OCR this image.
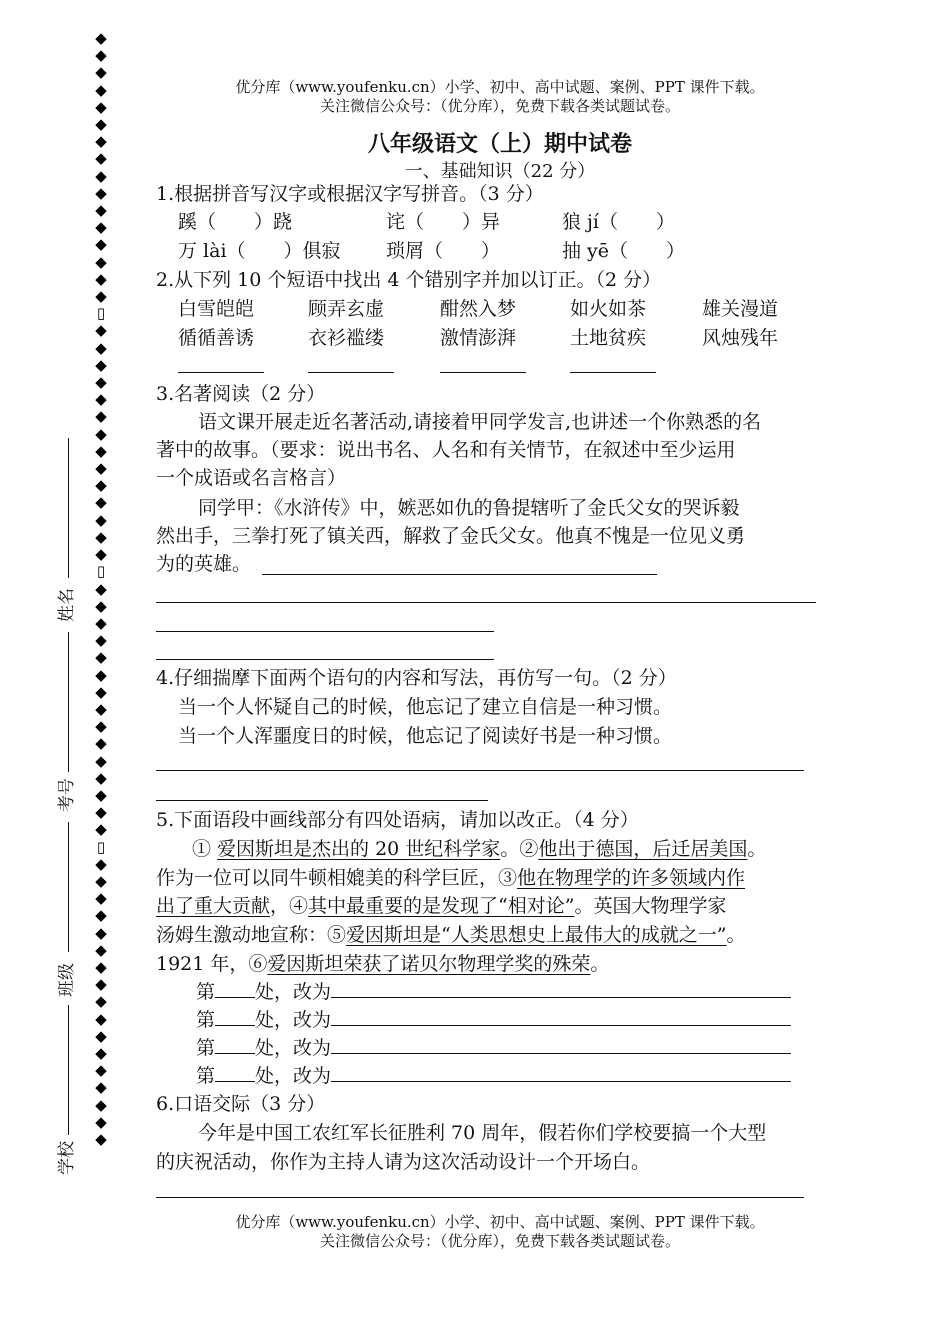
优分库（www.youfenku.cn）小学、初中、高中试题、案例、PPT 课件下载。
关注微信公众号：（优分库），免费下载各类试题试卷。
八年级语文（上）期中试卷
一、基础知识（22 分）
◆
◆
◆
◆
◆
◆
◆
◆
◆
◆
◆
◆
◆
◆
◆
◆
▯
◆
◆
◆
◆
◆
◆
◆
◆
◆
◆
◆
◆
◆
◆
▯
◆
◆
◆
◆
◆
◆
◆
◆
◆
◆
◆
◆
◆
◆
◆
▯
◆
◆
◆
◆
◆
◆
◆
◆
◆
◆
◆
◆
◆
◆
◆
◆
◆
姓名
考号
班级
学校
1.根据拼音写汉字或根据汉字写拼音。（3 分）
蹊（　　）跷	诧（　　）异	狼 jí（　　）
万 lài（　　）俱寂 琐屑（　　）	抽 yē（　　）
2.从下列 10 个短语中找出 4 个错别字并加以订正。（2 分）
白雪皑皑	顾弄玄虚	酣然入梦	如火如茶	雄关漫道
循循善诱	衣衫褴缕	激情澎湃	土地贫疾	风烛残年
3.名著阅读（2 分）
语文课开展走近名著活动,请接着甲同学发言,也讲述一个你熟悉的名
著中的故事。（要求：说出书名、人名和有关情节，在叙述中至少运用
一个成语或名言格言）
同学甲：《水浒传》中，嫉恶如仇的鲁提辖听了金氏父女的哭诉毅
然出手，三拳打死了镇关西，解救了金氏父女。他真不愧是一位见义勇
为的英雄。
4.仔细揣摩下面两个语句的内容和写法，再仿写一句。（2 分）
当一个人怀疑自己的时候，他忘记了建立自信是一种习惯。
当一个人浑噩度日的时候，他忘记了阅读好书是一种习惯。
5.下面语段中画线部分有四处语病，请加以改正。（4 分）
① 爱因斯坦是杰出的 20 世纪科学家。②他出于德国，后迁居美国。
作为一位可以同牛顿相媲美的科学巨匠，③他在物理学的许多领域内作
出了重大贡献，④其中最重要的是发现了“相对论”。英国大物理学家
汤姆生激动地宣称：⑤爱因斯坦是“人类思想史上最伟大的成就之一”。
1921 年，⑥爱因斯坦荣获了诺贝尔物理学奖的殊荣。
第 处，改为
第 处，改为
第 处，改为
第 处，改为
6.口语交际（3 分）
今年是中国工农红军长征胜利 70 周年，假若你们学校要搞一个大型
的庆祝活动，你作为主持人请为这次活动设计一个开场白。
优分库（www.youfenku.cn）小学、初中、高中试题、案例、PPT 课件下载。
关注微信公众号：（优分库），免费下载各类试题试卷。
